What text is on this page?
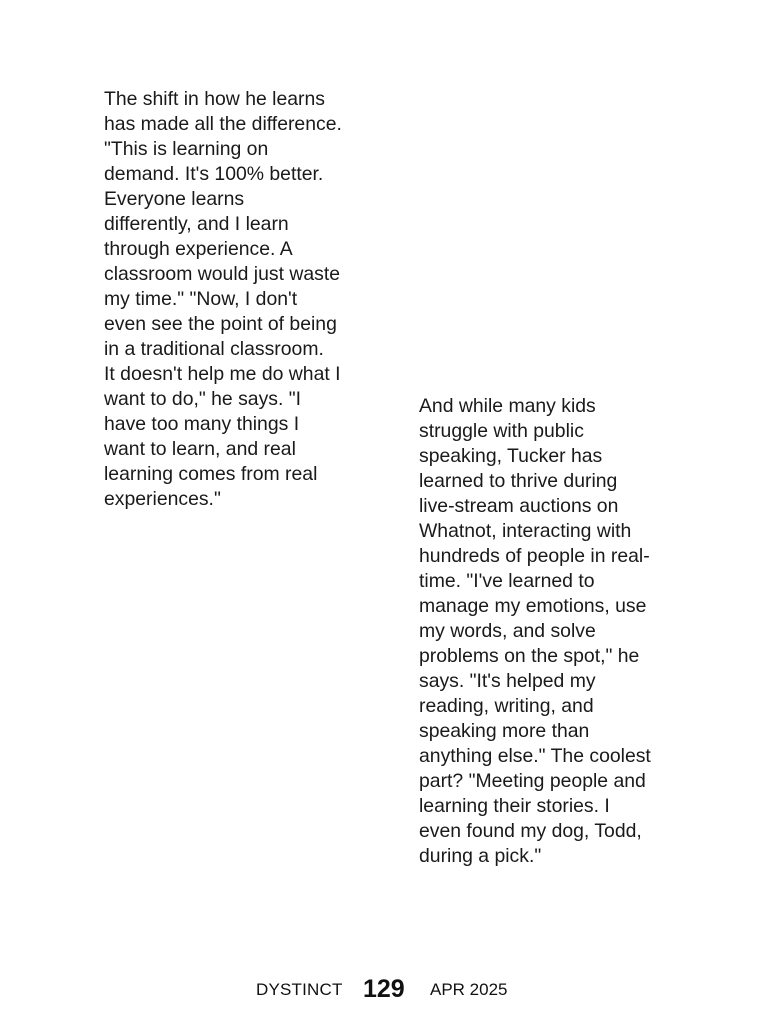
The shift in how he learns
has made all the difference.
"This is learning on
demand. It's 100% better.
Everyone learns
differently, and I learn
through experience. A
classroom would just waste
my time." "Now, I don't
even see the point of being
in a traditional classroom.
It doesn't help me do what I
want to do," he says. "I
have too many things I
want to learn, and real
learning comes from real
experiences."
And while many kids
struggle with public
speaking, Tucker has
learned to thrive during
live-stream auctions on
Whatnot, interacting with
hundreds of people in real-
time. "I've learned to
manage my emotions, use
my words, and solve
problems on the spot," he
says. "It's helped my
reading, writing, and
speaking more than
anything else." The coolest
part? "Meeting people and
learning their stories. I
even found my dog, Todd,
during a pick."
DYSTINCT 129 APR 2025
